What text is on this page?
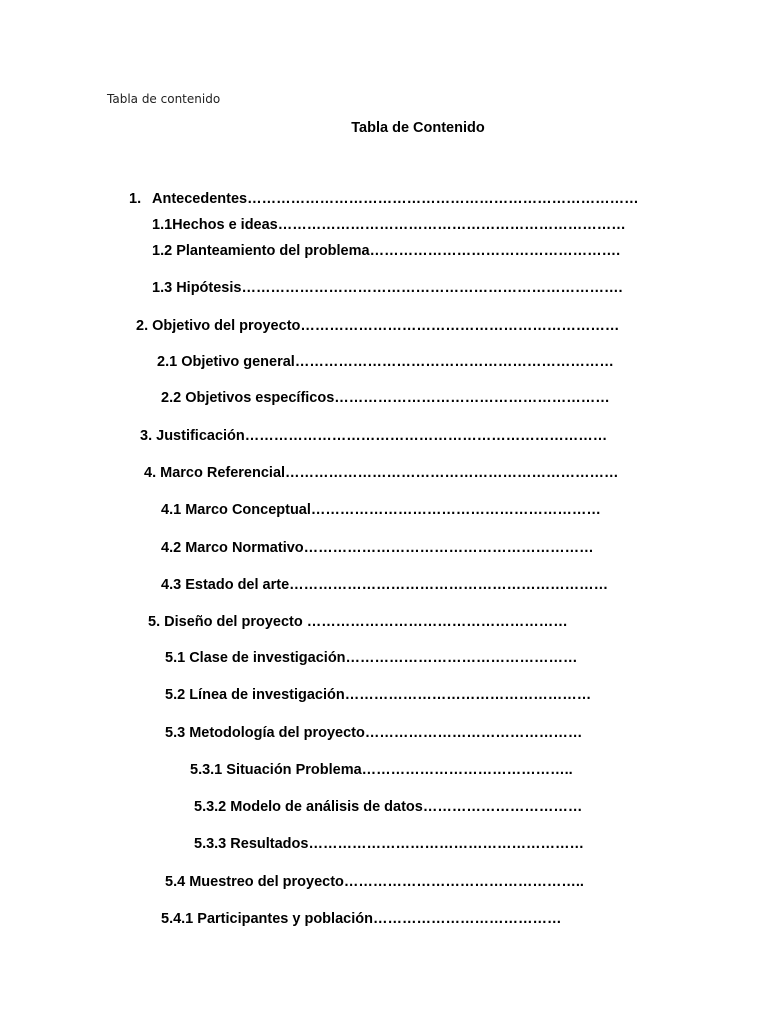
Tabla de contenido
Tabla de Contenido
1. Antecedentes………………………………………………………………………
1.1Hechos e ideas………………………………………………………………
1.2 Planteamiento del problema…………………………………………….
1.3 Hipótesis…………………………………………………………………….
2. Objetivo del proyecto…………………………………………………………
2.1 Objetivo general…………………………………………………………
2.2 Objetivos específicos…………………………………………………
3. Justificación…………………………………………………………………
4. Marco Referencial……………………………………………………………
4.1 Marco Conceptual……………………………………………………
4.2 Marco Normativo……………………………………………………
4.3 Estado del arte…………………………………………………………
5. Diseño del proyecto ………………………………………………
5.1 Clase de investigación…………………………………………
5.2 Línea de investigación……………………………………………
5.3 Metodología del proyecto………………………………………
5.3.1 Situación Problema……………………………………..
5.3.2 Modelo de análisis de datos……………………………
5.3.3 Resultados…………………………………………………
5.4 Muestreo del proyecto…………………………………………..
5.4.1 Participantes y población…………………………………
